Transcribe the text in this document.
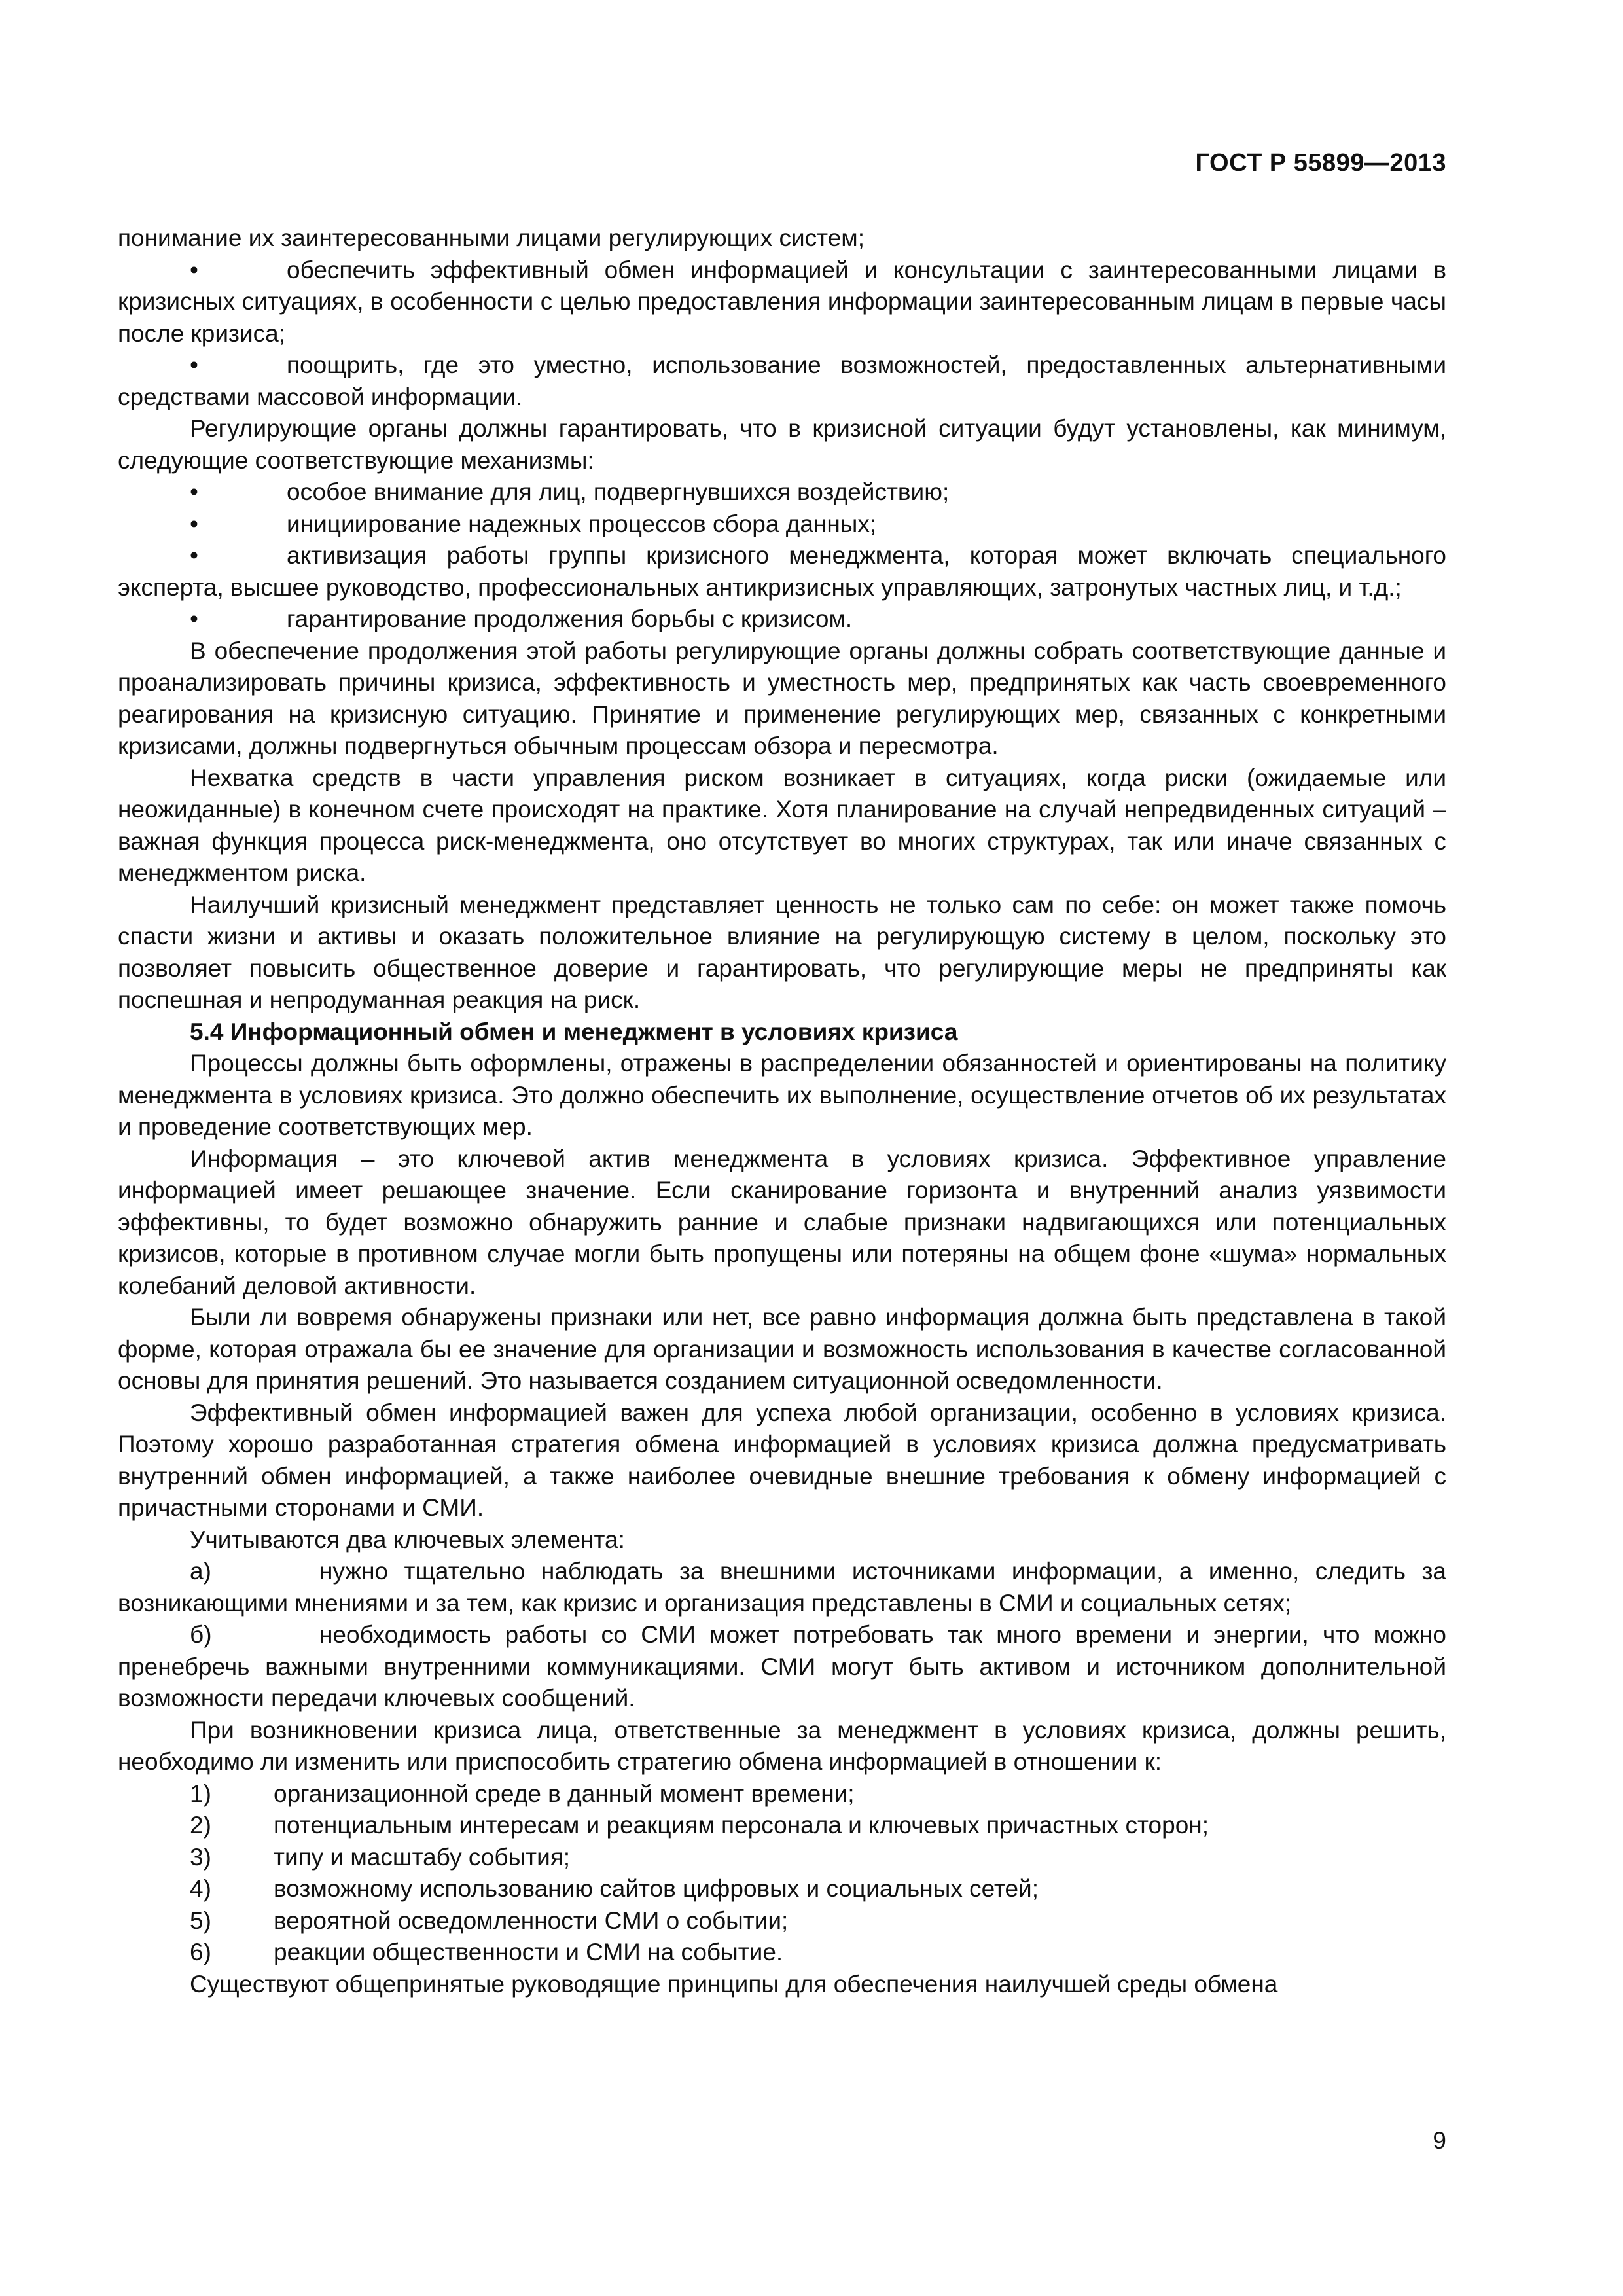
ГОСТ Р 55899—2013

понимание их заинтересованными лицами регулирующих систем;

•	обеспечить эффективный обмен информацией и консультации с заинтересованными лицами в кризисных ситуациях, в особенности с целью предоставления информации заинтересованным лицам в первые часы после кризиса;

•	поощрить, где это уместно, использование возможностей, предоставленных альтернативными средствами массовой информации.

Регулирующие органы должны гарантировать, что в кризисной ситуации будут установлены, как минимум, следующие соответствующие механизмы:

•	особое внимание для лиц, подвергнувшихся воздействию;

•	инициирование надежных процессов сбора данных;

•	активизация работы группы кризисного менеджмента, которая может включать специального эксперта, высшее руководство, профессиональных антикризисных управляющих, затронутых частных лиц, и т.д.;

•	гарантирование продолжения борьбы с кризисом.

В обеспечение продолжения этой работы регулирующие органы должны собрать соответствующие данные и проанализировать причины кризиса, эффективность и уместность мер, предпринятых как часть своевременного реагирования на кризисную ситуацию. Принятие и применение регулирующих мер, связанных с конкретными кризисами, должны подвергнуться обычным процессам обзора и пересмотра.

Нехватка средств в части управления риском возникает в ситуациях, когда риски (ожидаемые или неожиданные) в конечном счете происходят на практике. Хотя планирование на случай непредвиденных ситуаций – важная функция процесса риск-менеджмента, оно отсутствует во многих структурах, так или иначе связанных с менеджментом риска.

Наилучший кризисный менеджмент представляет ценность не только сам по себе: он может также помочь спасти жизни и активы и оказать положительное влияние на регулирующую систему в целом, поскольку это позволяет повысить общественное доверие и гарантировать, что регулирующие меры не предприняты как поспешная и непродуманная реакция на риск.

5.4 Информационный обмен и менеджмент в условиях кризиса

Процессы должны быть оформлены, отражены в распределении обязанностей и ориентированы на политику менеджмента в условиях кризиса. Это должно обеспечить их выполнение, осуществление отчетов об их результатах и проведение соответствующих мер.

Информация – это ключевой актив менеджмента в условиях кризиса. Эффективное управление информацией имеет решающее значение. Если сканирование горизонта и внутренний анализ уязвимости эффективны, то будет возможно обнаружить ранние и слабые признаки надвигающихся или потенциальных кризисов, которые в противном случае могли быть пропущены или потеряны на общем фоне «шума» нормальных колебаний деловой активности.

Были ли вовремя обнаружены признаки или нет, все равно информация должна быть представлена в такой форме, которая отражала бы ее значение для организации и возможность использования в качестве согласованной основы для принятия решений. Это называется созданием ситуационной осведомленности.

Эффективный обмен информацией важен для успеха любой организации, особенно в условиях кризиса. Поэтому хорошо разработанная стратегия обмена информацией в условиях кризиса должна предусматривать внутренний обмен информацией, а также наиболее очевидные внешние требования к обмену информацией с причастными сторонами и СМИ.

Учитываются два ключевых элемента:

а)	нужно тщательно наблюдать за внешними источниками информации, а именно, следить за возникающими мнениями и за тем, как кризис и организация представлены в СМИ и социальных сетях;

б)	необходимость работы со СМИ может потребовать так много времени и энергии, что можно пренебречь важными внутренними коммуникациями. СМИ могут быть активом и источником дополнительной возможности передачи ключевых сообщений.

При возникновении кризиса лица, ответственные за менеджмент в условиях кризиса, должны решить, необходимо ли изменить или приспособить стратегию обмена информацией в отношении к:

1)	организационной среде в данный момент времени;

2)	потенциальным интересам и реакциям персонала и ключевых причастных сторон;

3)	типу и масштабу события;

4)	возможному использованию сайтов цифровых и социальных сетей;

5)	вероятной осведомленности СМИ о событии;

6)	реакции общественности и СМИ на событие.

Существуют общепринятые руководящие принципы для обеспечения наилучшей среды обмена

9
